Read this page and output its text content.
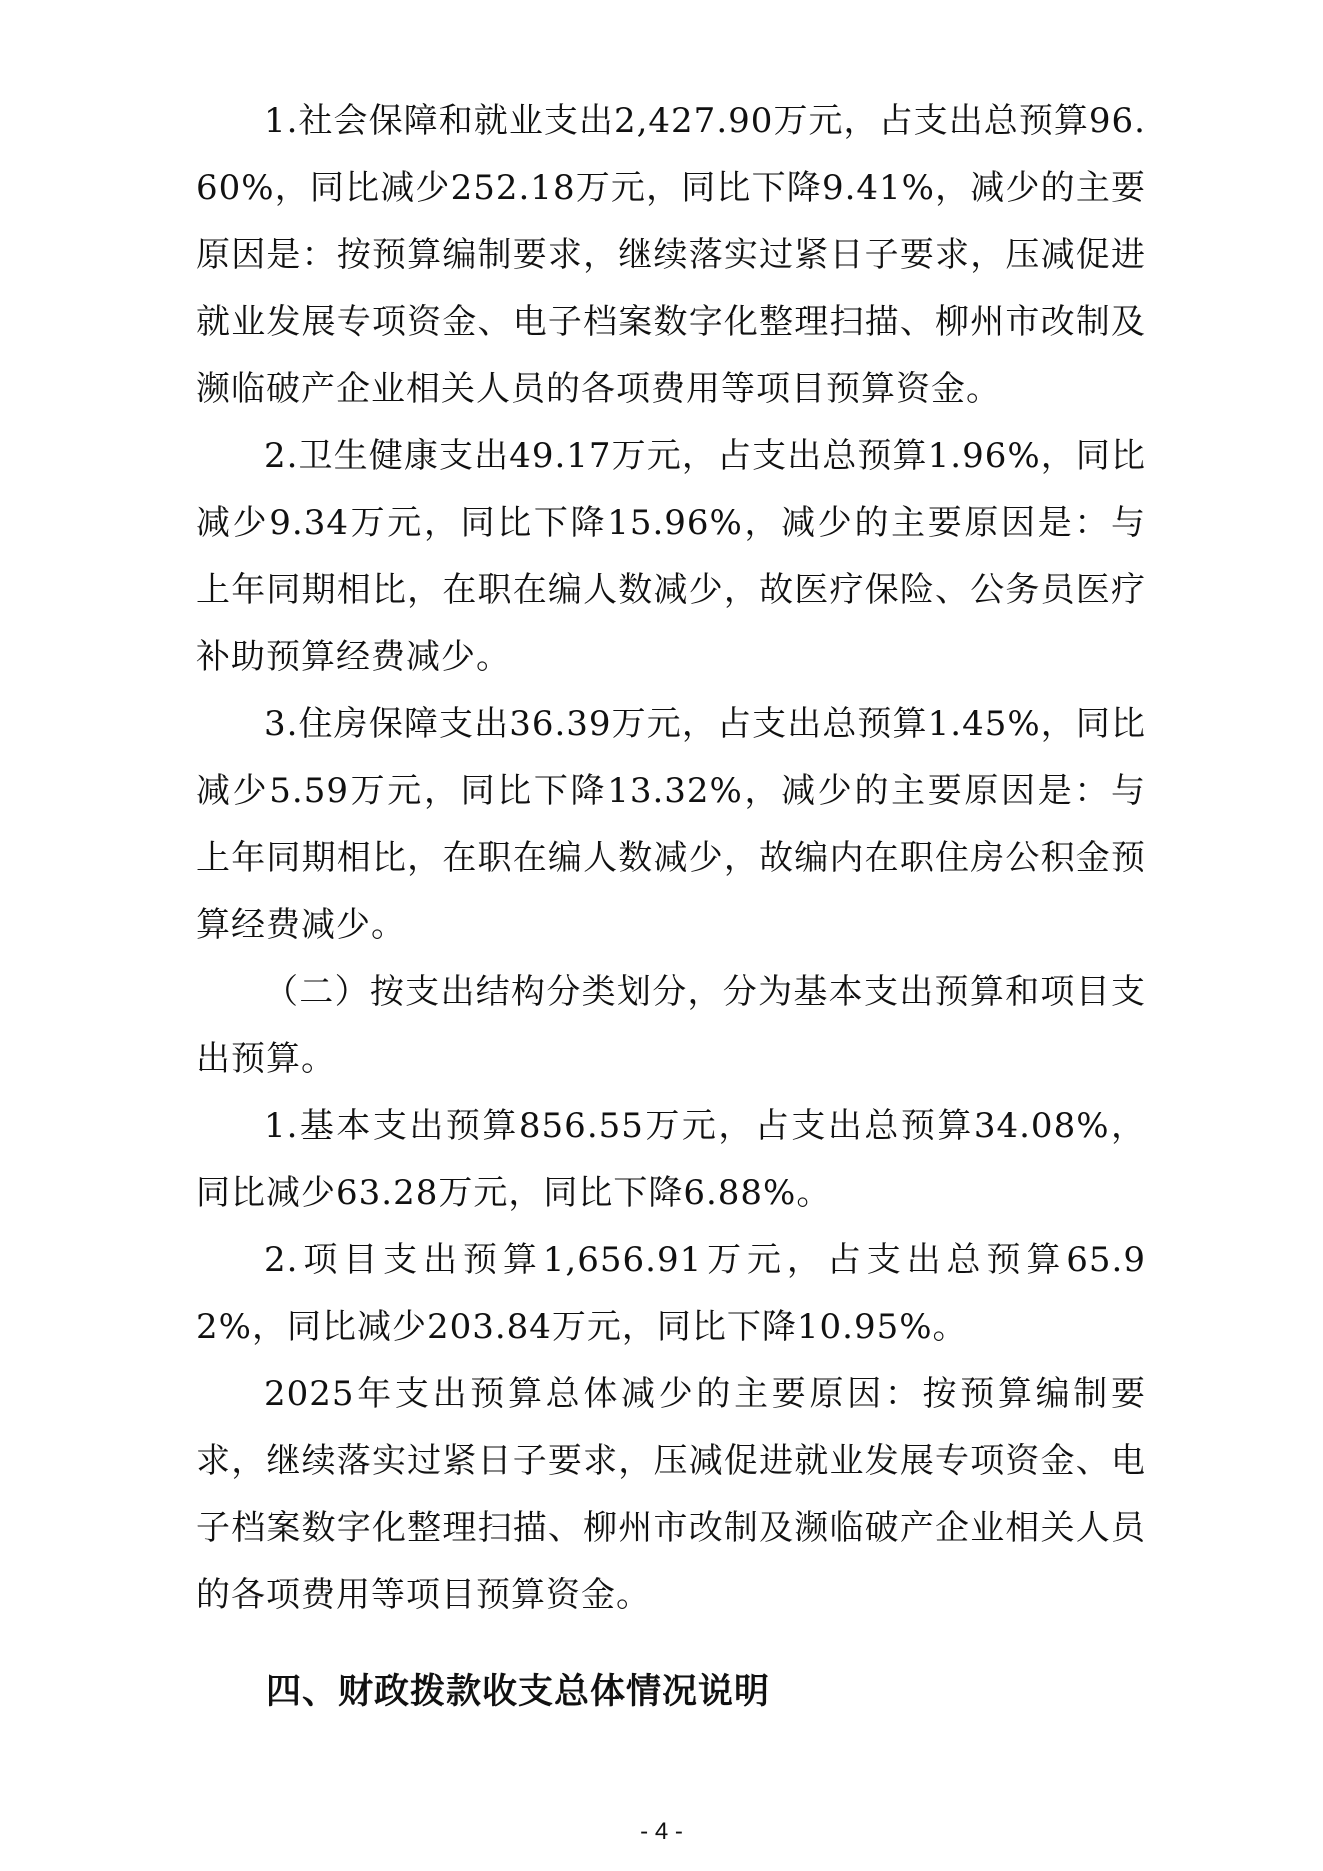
1.社会保障和就业支出2,427.90万元，占支出总预算96.60%，同比减少252.18万元，同比下降9.41%，减少的主要原因是：按预算编制要求，继续落实过紧日子要求，压减促进就业发展专项资金、电子档案数字化整理扫描、柳州市改制及濒临破产企业相关人员的各项费用等项目预算资金。

2.卫生健康支出49.17万元，占支出总预算1.96%，同比减少9.34万元，同比下降15.96%，减少的主要原因是：与上年同期相比，在职在编人数减少，故医疗保险、公务员医疗补助预算经费减少。

3.住房保障支出36.39万元，占支出总预算1.45%，同比减少5.59万元，同比下降13.32%，减少的主要原因是：与上年同期相比，在职在编人数减少，故编内在职住房公积金预算经费减少。

（二）按支出结构分类划分，分为基本支出预算和项目支出预算。

1.基本支出预算856.55万元，占支出总预算34.08%，同比减少63.28万元，同比下降6.88%。

2.项目支出预算1,656.91万元，占支出总预算65.92%，同比减少203.84万元，同比下降10.95%。

2025年支出预算总体减少的主要原因：按预算编制要求，继续落实过紧日子要求，压减促进就业发展专项资金、电子档案数字化整理扫描、柳州市改制及濒临破产企业相关人员的各项费用等项目预算资金。

四、财政拨款收支总体情况说明
- 4 -
